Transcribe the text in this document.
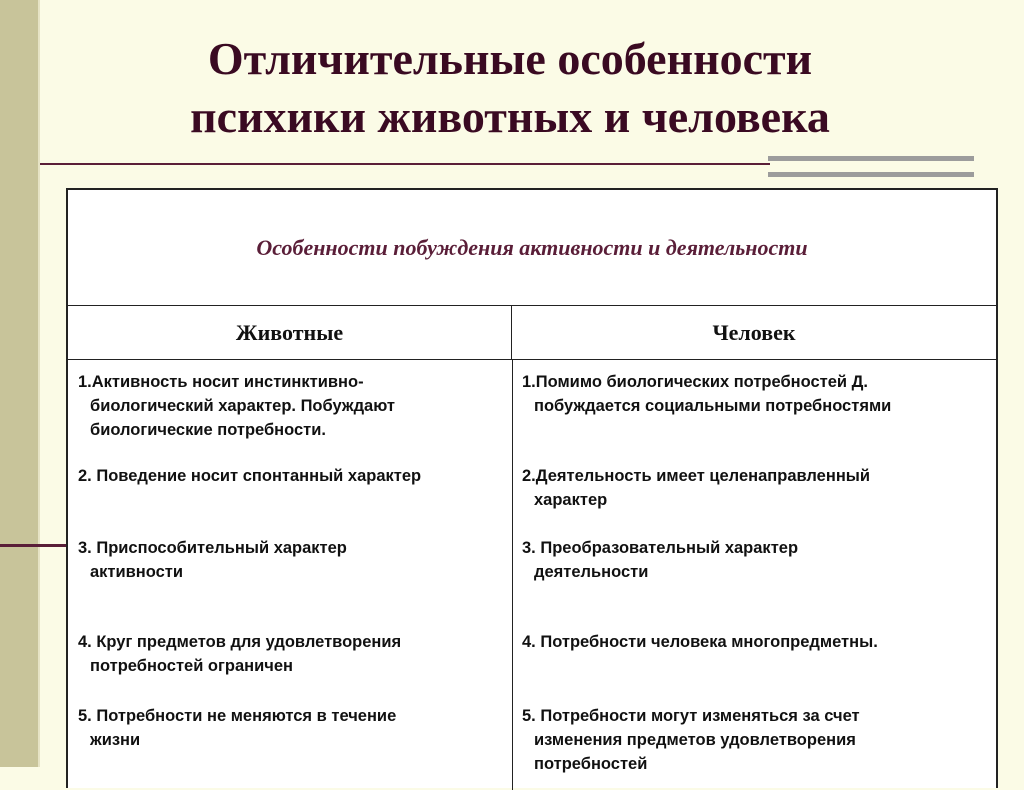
Отличительные особенности
психики животных и человека
Особенности побуждения активности и деятельности
Животные	Человек
1.Активность носит инстинктивно-
биологический характер. Побуждают
биологические потребности.
2. Поведение носит спонтанный характер
3. Приспособительный характер
активности
4. Круг предметов для удовлетворения
потребностей ограничен
5. Потребности не меняются в течение
жизни
1.Помимо биологических потребностей Д.
побуждается социальными потребностями
2.Деятельность имеет целенаправленный
характер
3. Преобразовательный характер
деятельности
4. Потребности человека многопредметны.
5. Потребности могут изменяться за счет
изменения предметов удовлетворения
потребностей
